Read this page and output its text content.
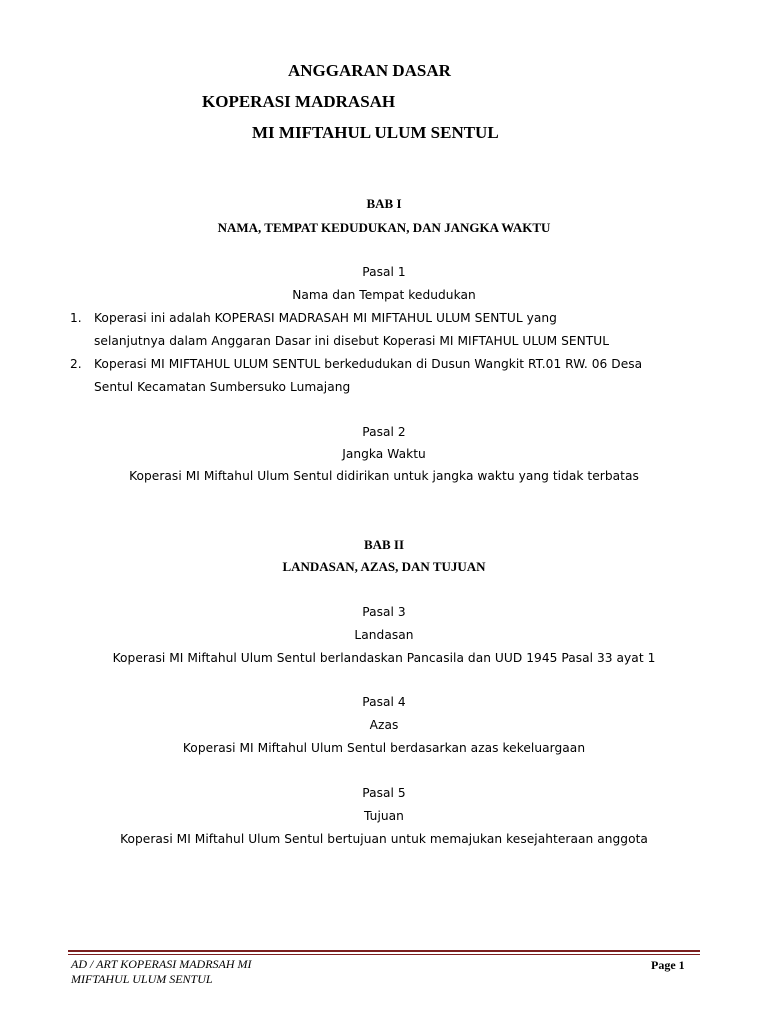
ANGGARAN DASAR
KOPERASI MADRASAH
MI MIFTAHUL ULUM SENTUL
BAB I
NAMA, TEMPAT KEDUDUKAN, DAN JANGKA WAKTU
Pasal 1
Nama dan Tempat kedudukan
1.	Koperasi ini adalah KOPERASI MADRASAH MI MIFTAHUL ULUM SENTUL yang
selanjutnya dalam Anggaran Dasar ini disebut Koperasi MI MIFTAHUL ULUM SENTUL
2.	Koperasi MI MIFTAHUL ULUM SENTUL berkedudukan di Dusun Wangkit RT.01 RW. 06 Desa
Sentul Kecamatan Sumbersuko Lumajang
Pasal 2
Jangka Waktu
Koperasi MI Miftahul Ulum Sentul didirikan untuk jangka waktu yang tidak terbatas
BAB II
LANDASAN, AZAS, DAN TUJUAN
Pasal 3
Landasan
Koperasi MI Miftahul Ulum Sentul berlandaskan Pancasila dan UUD 1945 Pasal 33 ayat 1
Pasal 4
Azas
Koperasi MI Miftahul Ulum Sentul berdasarkan azas kekeluargaan
Pasal 5
Tujuan
Koperasi MI Miftahul Ulum Sentul bertujuan untuk memajukan kesejahteraan anggota
AD / ART KOPERASI MADRSAH MI
MIFTAHUL ULUM SENTUL
Page 1
